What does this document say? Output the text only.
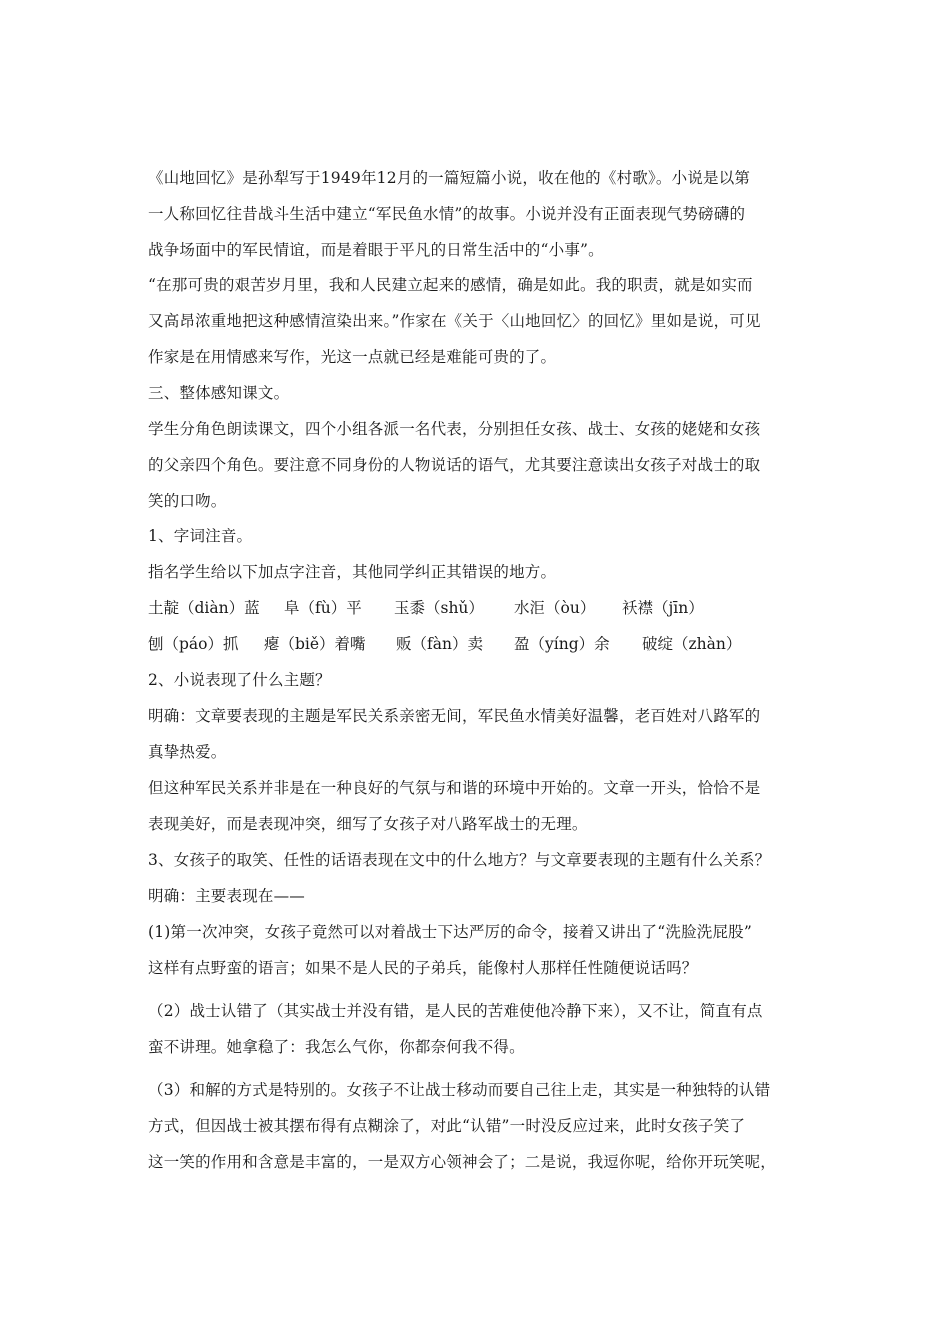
《山地回忆》是孙犁写于1949年12月的一篇短篇小说，收在他的《村歌》。小说是以第
一人称回忆往昔战斗生活中建立“军民鱼水情”的故事。小说并没有正面表现气势磅礴的
战争场面中的军民情谊，而是着眼于平凡的日常生活中的“小事”。
“在那可贵的艰苦岁月里，我和人民建立起来的感情，确是如此。我的职责，就是如实而
又高昂浓重地把这种感情渲染出来。”作家在《关于〈山地回忆〉的回忆》里如是说，可见
作家是在用情感来写作，光这一点就已经是难能可贵的了。
三、整体感知课文。
学生分角色朗读课文，四个小组各派一名代表，分别担任女孩、战士、女孩的姥姥和女孩
的父亲四个角色。要注意不同身份的人物说话的语气，尤其要注意读出女孩子对战士的取
笑的口吻。
1、字词注音。
指名学生给以下加点字注音，其他同学纠正其错误的地方。
土靛（diàn）蓝 阜（fù）平 玉黍（shǔ） 水洰（òu） 袄襟（jīn）
刨（páo）抓 瘪（biě）着嘴 贩（fàn）卖 盈（yíng）余 破绽（zhàn）
2、小说表现了什么主题？
明确：文章要表现的主题是军民关系亲密无间，军民鱼水情美好温馨，老百姓对八路军的
真挚热爱。
但这种军民关系并非是在一种良好的气氛与和谐的环境中开始的。文章一开头，恰恰不是
表现美好，而是表现冲突，细写了女孩子对八路军战士的无理。
3、女孩子的取笑、任性的话语表现在文中的什么地方？与文章要表现的主题有什么关系？
明确：主要表现在——
(1)第一次冲突，女孩子竟然可以对着战士下达严厉的命令，接着又讲出了“洗脸洗屁股”
这样有点野蛮的语言；如果不是人民的子弟兵，能像村人那样任性随便说话吗？
（2）战士认错了（其实战士并没有错，是人民的苦难使他冷静下来），又不让，简直有点
蛮不讲理。她拿稳了：我怎么气你，你都奈何我不得。
（3）和解的方式是特别的。女孩子不让战士移动而要自己往上走，其实是一种独特的认错
方式，但因战士被其摆布得有点糊涂了，对此“认错”一时没反应过来，此时女孩子笑了
这一笑的作用和含意是丰富的，一是双方心领神会了；二是说，我逗你呢，给你开玩笑呢，
